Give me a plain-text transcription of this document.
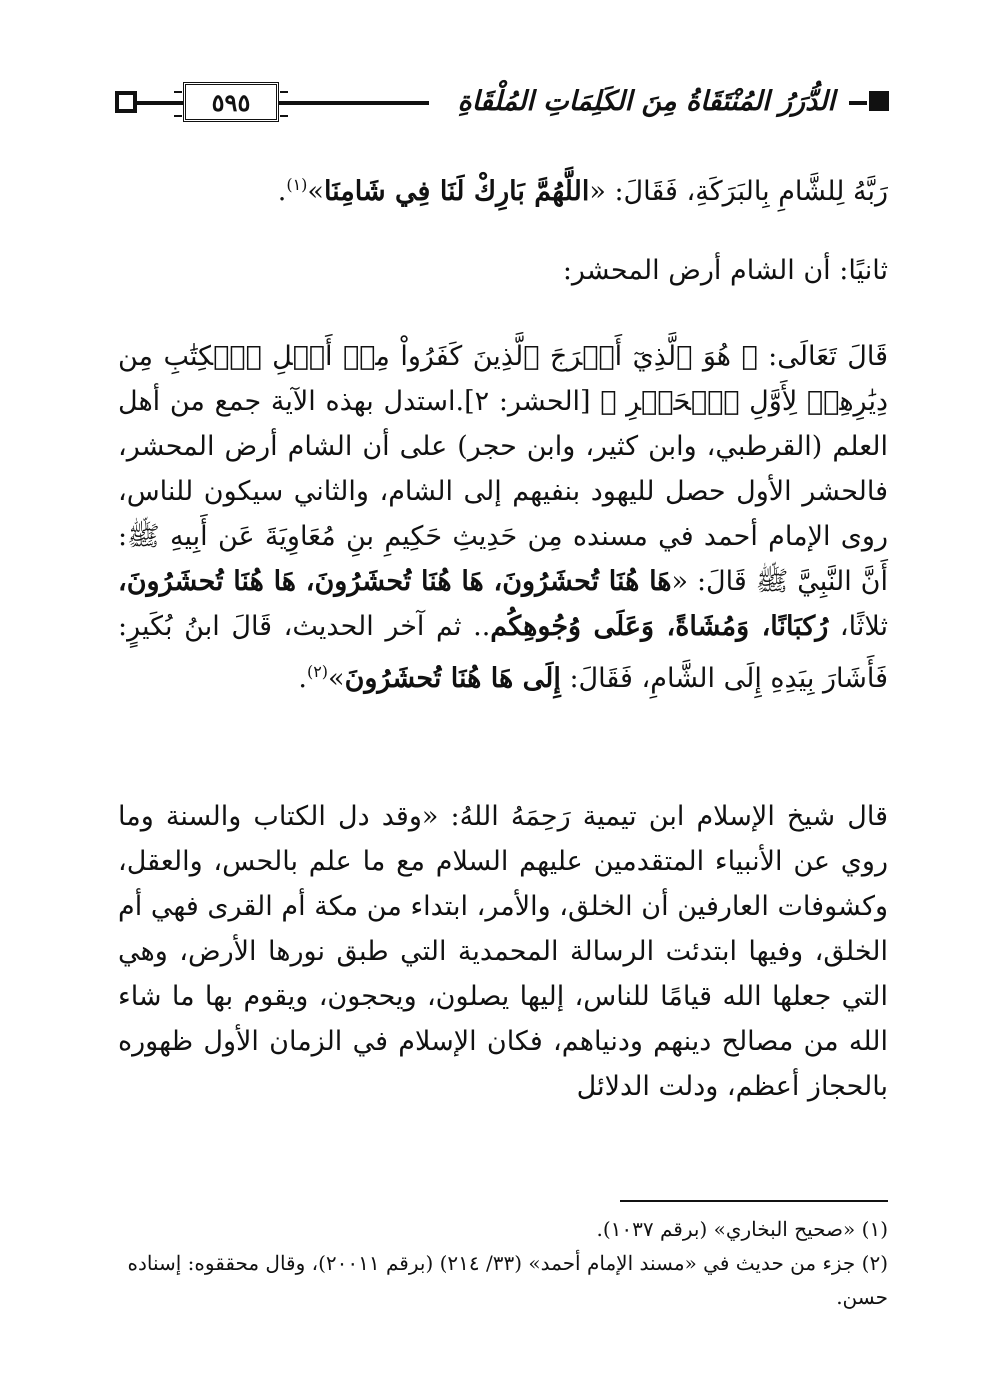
٥٩٥	الدُّرَرُ المُنْتَقَاةُ مِنَ الكَلِمَاتِ المُلْقَاةِ
رَبَّهُ لِلشَّامِ بِالبَرَكَةِ، فَقَالَ: «اللَّهُمَّ بَارِكْ لَنَا فِي شَامِنَا»$^{(١)}$.
ثانيًا: أن الشام أرض المحشر:
قَالَ تَعَالَى: ﴿ هُوَ ٱلَّذِيٓ أَخۡرَجَ ٱلَّذِينَ كَفَرُواْ مِنۡ أَهۡلِ ٱلۡكِتَٰبِ مِن دِيَٰرِهِمۡ لِأَوَّلِ ٱلۡحَشۡرِ ﴾ [الحشر: ٢].استدل بهذه الآية جمع من أهل العلم (القرطبي، وابن كثير، وابن حجر) على أن الشام أرض المحشر، فالحشر الأول حصل لليهود بنفيهم إلى الشام، والثاني سيكون للناس، روى الإمام أحمد في مسنده مِن حَدِيثِ حَكِيمِ بنِ مُعَاوِيَةَ عَن أَبِيهِ ﷺ: أَنَّ النَّبِيَّ ﷺ قَالَ: «هَا هُنَا تُحشَرُونَ، هَا هُنَا تُحشَرُونَ، هَا هُنَا تُحشَرُونَ، ثلاثًا، رُكبَانًا، وَمُشَاةً، وَعَلَى وُجُوهِكُم.. ثم آخر الحديث، قَالَ ابنُ بُكَيرٍ: فَأَشَارَ بِيَدِهِ إِلَى الشَّامِ، فَقَالَ: إِلَى هَا هُنَا تُحشَرُونَ»$^{(٢)}$.
قال شيخ الإسلام ابن تيمية رَحِمَهُ اللهُ: «وقد دل الكتاب والسنة وما روي عن الأنبياء المتقدمين عليهم السلام مع ما علم بالحس، والعقل، وكشوفات العارفين أن الخلق، والأمر، ابتداء من مكة أم القرى فهي أم الخلق، وفيها ابتدئت الرسالة المحمدية التي طبق نورها الأرض، وهي التي جعلها الله قيامًا للناس، إليها يصلون، ويحجون، ويقوم بها ما شاء الله من مصالح دينهم ودنياهم، فكان الإسلام في الزمان الأول ظهوره بالحجاز أعظم، ودلت الدلائل
(١) «صحيح البخاري» (برقم ١٠٣٧).
(٢) جزء من حديث في «مسند الإمام أحمد» (٣٣/ ٢١٤) (برقم ٢٠٠١١)، وقال محققوه: إسناده حسن.
